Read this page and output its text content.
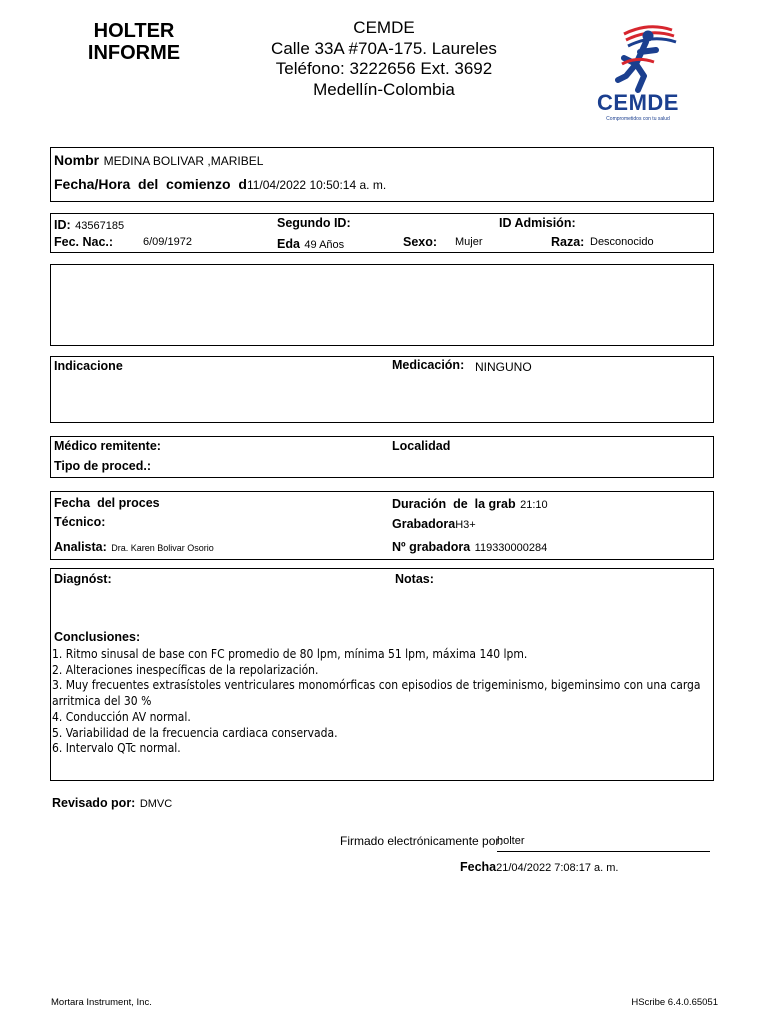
HOLTER
INFORME
CEMDE
Calle 33A #70A-175. Laureles
Teléfono: 3222656 Ext. 3692
Medellín-Colombia
CEMDE
Comprometidos con tu salud
Nombr MEDINA BOLIVAR ,MARIBEL
Fecha/Hora  del  comienzo  d11/04/2022 10:50:14 a. m.
ID: 43567185	Segundo ID:	ID Admisión:
Fec. Nac.:	6/09/1972	Eda 49 Años	Sexo: Mujer	Raza: Desconocido
Indicacione	Medicación: NINGUNO
Médico remitente:	Localidad
Tipo de proced.:
Fecha  del proces	Duración  de  la grab 21:10
Técnico:	GrabadoraH3+
Analista: Dra. Karen Bolivar Osorio	Nº grabadora 119330000284
Diagnóst:	Notas:
Conclusiones:
1. Ritmo sinusal de base con FC promedio de 80 lpm, mínima 51 lpm, máxima 140 lpm.
2. Alteraciones inespecíficas de la repolarización.
3. Muy frecuentes extrasístoles ventriculares monomórficas con episodios de trigeminismo, bigeminsimo con una carga
arritmica del 30 %
4. Conducción AV normal.
5. Variabilidad de la frecuencia cardiaca conservada.
6. Intervalo QTc normal.
Revisado por: DMVC
Firmado electrónicamente por:
holter
Fecha21/04/2022 7:08:17 a. m.
Mortara Instrument, Inc.	HScribe 6.4.0.65051
